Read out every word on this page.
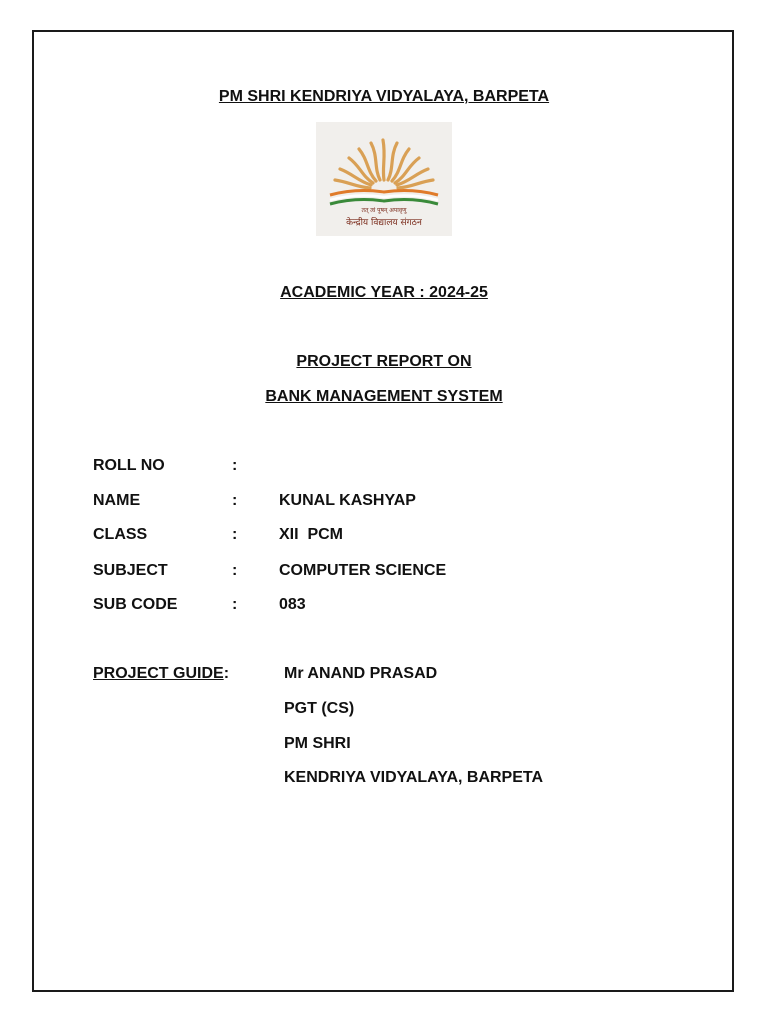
PM SHRI KENDRIYA VIDYALAYA, BARPETA
तत् त्वं पूषन् अपावृणु
केन्द्रीय विद्यालय संगठन
ACADEMIC YEAR : 2024-25
PROJECT REPORT ON
BANK MANAGEMENT SYSTEM
ROLL NO	:
NAME	:	KUNAL KASHYAP
CLASS	:	XII  PCM
SUBJECT	:	COMPUTER SCIENCE
SUB CODE	:	083
PROJECT GUIDE:	Mr ANAND PRASAD
PGT (CS)
PM SHRI
KENDRIYA VIDYALAYA, BARPETA
